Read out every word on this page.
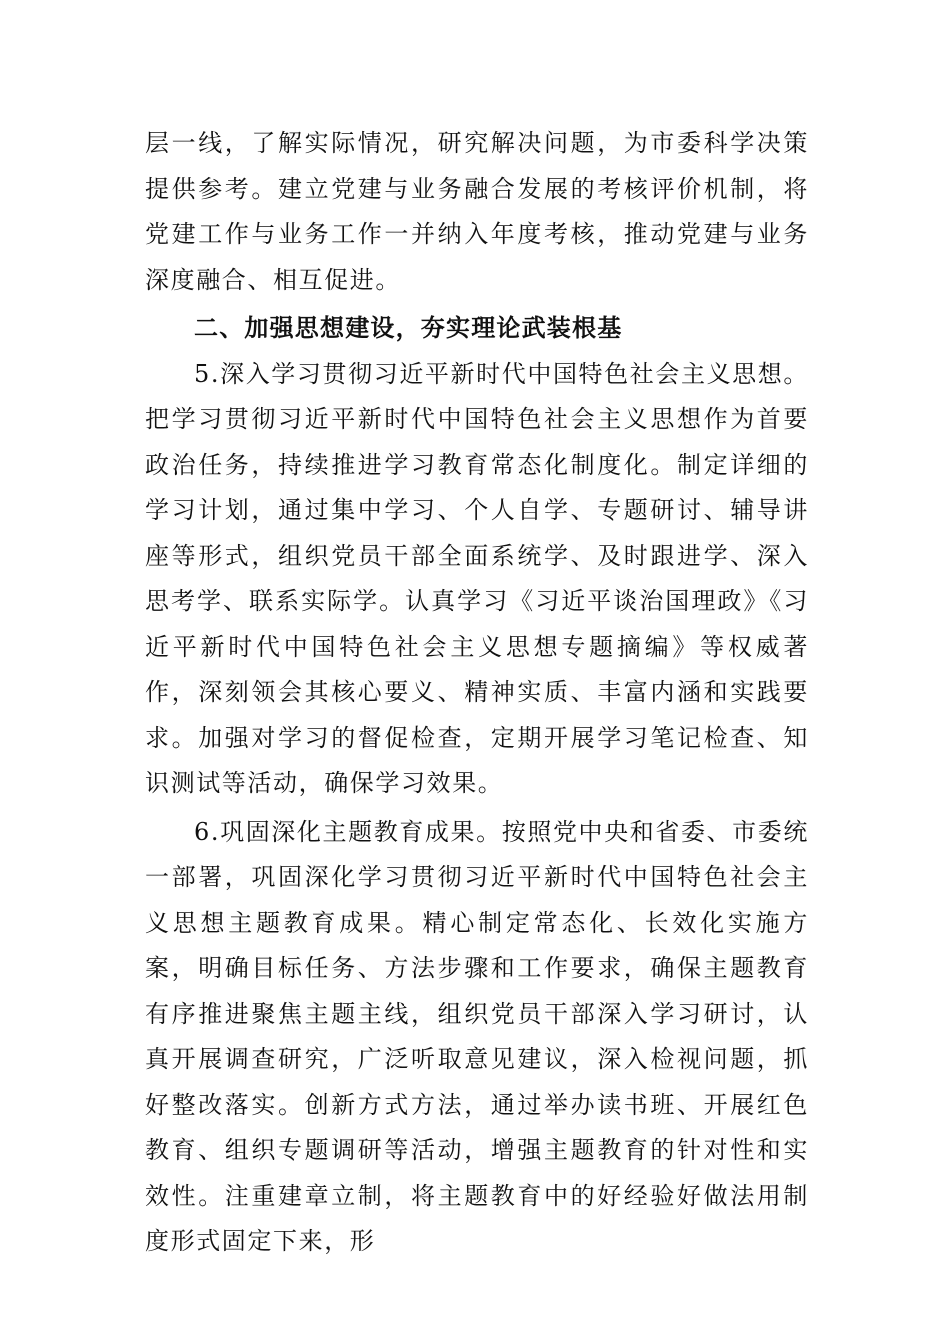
层一线，了解实际情况，研究解决问题，为市委科学决策提供参考。建立党建与业务融合发展的考核评价机制，将党建工作与业务工作一并纳入年度考核，推动党建与业务深度融合、相互促进。

二、加强思想建设，夯实理论武装根基

5.深入学习贯彻习近平新时代中国特色社会主义思想。把学习贯彻习近平新时代中国特色社会主义思想作为首要政治任务，持续推进学习教育常态化制度化。制定详细的学习计划，通过集中学习、个人自学、专题研讨、辅导讲座等形式，组织党员干部全面系统学、及时跟进学、深入思考学、联系实际学。认真学习《习近平谈治国理政》《习近平新时代中国特色社会主义思想专题摘编》等权威著作，深刻领会其核心要义、精神实质、丰富内涵和实践要求。加强对学习的督促检查，定期开展学习笔记检查、知识测试等活动，确保学习效果。

6.巩固深化主题教育成果。按照党中央和省委、市委统一部署，巩固深化学习贯彻习近平新时代中国特色社会主义思想主题教育成果。精心制定常态化、长效化实施方案，明确目标任务、方法步骤和工作要求，确保主题教育有序推进聚焦主题主线，组织党员干部深入学习研讨，认真开展调查研究，广泛听取意见建议，深入检视问题，抓好整改落实。创新方式方法，通过举办读书班、开展红色教育、组织专题调研等活动，增强主题教育的针对性和实效性。注重建章立制，将主题教育中的好经验好做法用制度形式固定下来，形
